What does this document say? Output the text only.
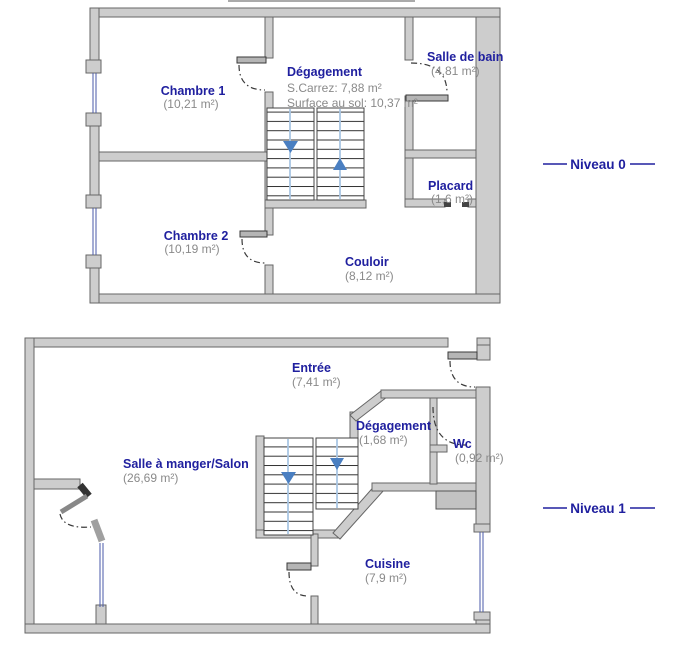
Chambre 1
(10,21 m²)
Chambre 2
(10,19 m²)
Dégagement
S.Carrez: 7,88 m²
Surface au sol: 10,37 m²
Salle de bain
(4,81 m²)
Placard
(1,6 m²)
Couloir
(8,12 m²)
Niveau 0
Entrée
(7,41 m²)
Salle à manger/Salon
(26,69 m²)
Dégagement
(1,68 m²)	Wc
(0,92 m²)
Cuisine
(7,9 m²)
Niveau 1
